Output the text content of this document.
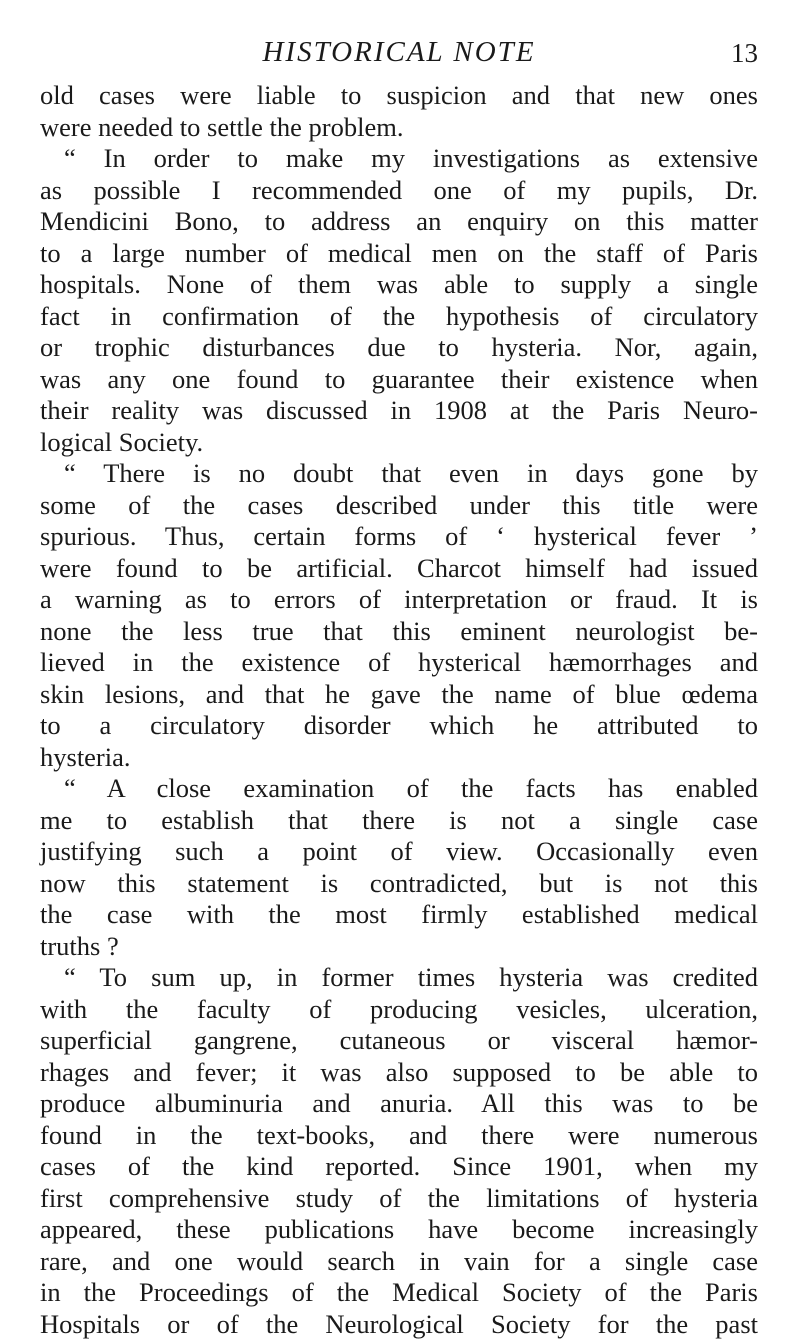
HISTORICAL NOTE	13
old cases were liable to suspicion and that new ones
were needed to settle the problem.
“ In order to make my investigations as extensive
as possible I recommended one of my pupils, Dr.
Mendicini Bono, to address an enquiry on this matter
to a large number of medical men on the staff of Paris
hospitals. None of them was able to supply a single
fact in confirmation of the hypothesis of circulatory
or trophic disturbances due to hysteria. Nor, again,
was any one found to guarantee their existence when
their reality was discussed in 1908 at the Paris Neuro-
logical Society.
“ There is no doubt that even in days gone by
some of the cases described under this title were
spurious. Thus, certain forms of ‘ hysterical fever ’
were found to be artificial. Charcot himself had issued
a warning as to errors of interpretation or fraud. It is
none the less true that this eminent neurologist be-
lieved in the existence of hysterical hæmorrhages and
skin lesions, and that he gave the name of blue œdema
to a circulatory disorder which he attributed to
hysteria.
“ A close examination of the facts has enabled
me to establish that there is not a single case
justifying such a point of view. Occasionally even
now this statement is contradicted, but is not this
the case with the most firmly established medical
truths ?
“ To sum up, in former times hysteria was credited
with the faculty of producing vesicles, ulceration,
superficial gangrene, cutaneous or visceral hæmor-
rhages and fever; it was also supposed to be able to
produce albuminuria and anuria. All this was to be
found in the text-books, and there were numerous
cases of the kind reported. Since 1901, when my
first comprehensive study of the limitations of hysteria
appeared, these publications have become increasingly
rare, and one would search in vain for a single case
in the Proceedings of the Medical Society of the Paris
Hospitals or of the Neurological Society for the past
